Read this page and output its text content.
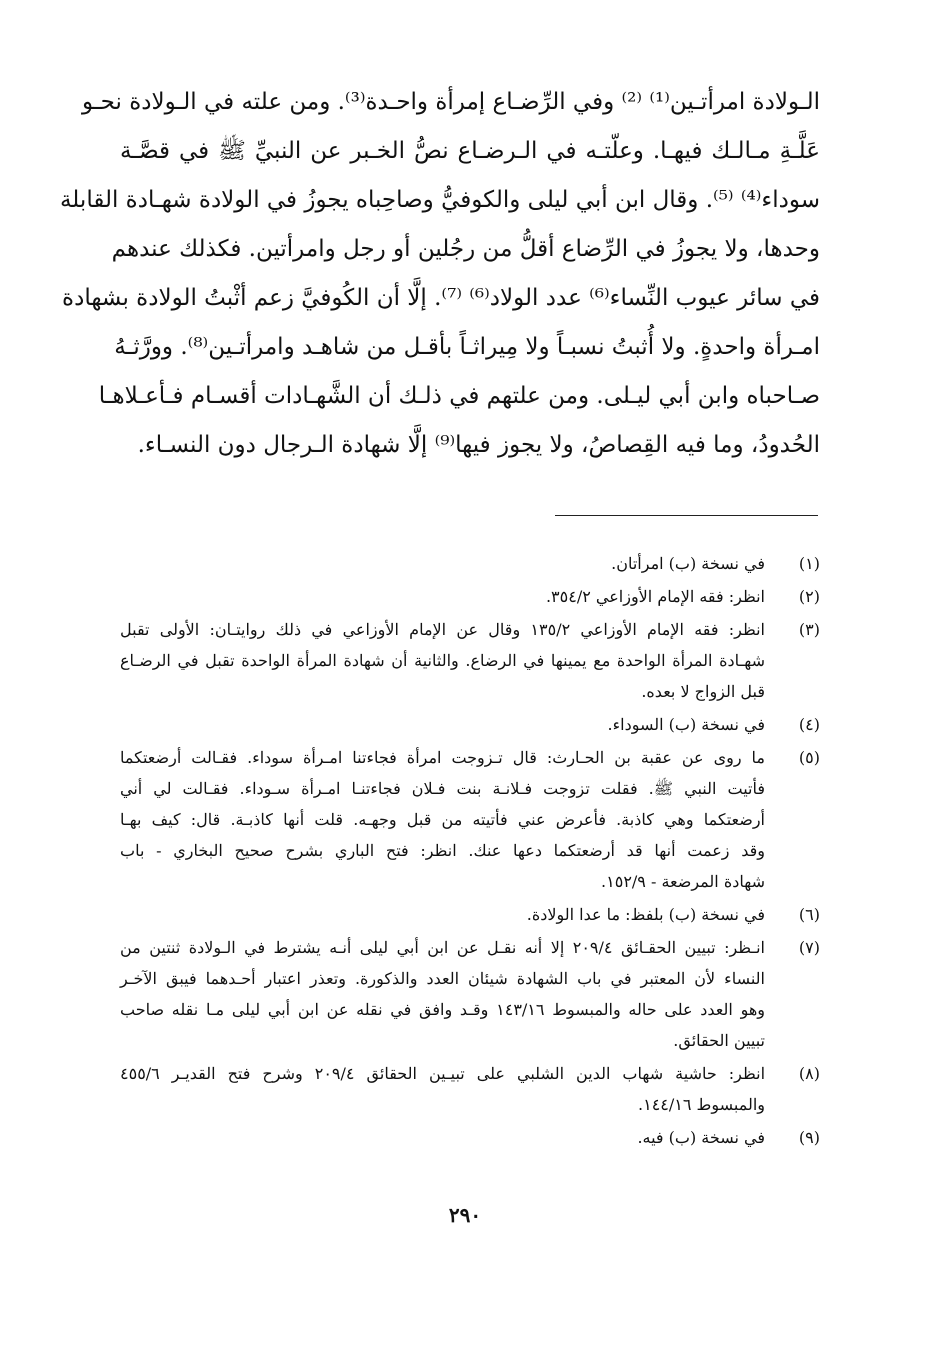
الـولادة امرأتـين⁽¹⁾ ⁽²⁾ وفي الرِّضـاع إمرأة واحـدة⁽³⁾. ومن علته في الـولادة نحـو
عَلَّـةِ مـالـك فيهـا. وعلّتـه في الـرضـاع نصُّ الخـبر عن النبيِّ ﷺ في قصَّـة
سوداء⁽⁴⁾ ⁽⁵⁾. وقال ابن أبي ليلى والكوفيُّ وصاحِباه يجوزُ في الولادة شهـادة القابلة
وحدها، ولا يجوزُ في الرِّضاع أقلُّ من رجُلين أو رجل وامرأتين. فكذلك عندهم
في سائر عيوب النِّساء⁽⁶⁾ عدد الولاد⁽⁶⁾ ⁽⁷⁾. إلَّا أن الكُوفيَّ زعم أثْبتُ الولادة بشهادة
امـرأة واحدةٍ. ولا أُثبتُ نسبـاً ولا مِيراثـاً بأقـل من شاهـد وامرأتـين⁽⁸⁾. وورَّثـهُ
صـاحباه وابن أبي ليـلى. ومن علتهم في ذلـك أن الشَّهـادات أقسـام فـأعـلاهـا
الحُدودُ، وما فيه القِصاصُ، ولا يجوز فيها⁽⁹⁾ إلَّا شهادة الـرجال دون النسـاء.
(١)
في نسخة (ب) امرأتان.
(٢)
انظر: فقه الإمام الأوزاعي ٣٥٤/٢.
(٣)
انظر: فقه الإمام الأوزاعي ١٣٥/٢ وقال عن الإمام الأوزاعي في ذلك روايتـان: الأولى تقبل
شهـادة المرأة الواحدة مع يمينها في الرضاع. والثانية أن شهادة المرأة الواحدة تقبل في الرضـاع
قبل الزواج لا بعده.
(٤)
في نسخة (ب) السوداء.
(٥)
ما روى عن عقبة بن الحـارث: قال تـزوجت امرأة فجاءتنا امـرأة سوداء. فقـالت أرضعتكما
فأتيت النبي ﷺ. فقلت تزوجت فـلانـة بنت فـلان فجاءتنـا امـرأة سـوداء. فقـالت لي أني
أرضعتكما وهي كاذبة. فأعرض عني فأتيته من قبل وجهـه. قلت أنها كاذبـة. قال: كيف بهـا
وقد زعمت أنها قد أرضعتكما دعها عنك. انظر: فتح الباري بشرح صحيح البخاري - باب
شهادة المرضعة - ١٥٢/٩.
(٦)
في نسخة (ب) بلفظ: ما عدا الولادة.
(٧)
انـظر: تبيين الحقـائق ٢٠٩/٤ إلا أنه نقـل عن ابن أبي ليلى أنـه يشترط في الـولادة ثنتين من
النساء لأن المعتبر في باب الشهادة شيئان العدد والذكورة. وتعذر اعتبار أحـدهما فيبق الآخـر
وهو العدد على حاله والمبسوط ١٤٣/١٦ وقـد وافق في نقله عن ابن أبي ليلى مـا نقله صاحب
تبيين الحقائق.
(٨)
انظر: حاشية شهاب الدين الشلبي على تبيـين الحقائق ٢٠٩/٤ وشرح فتح القديـر ٤٥٥/٦
والمبسوط ١٤٤/١٦.
(٩)
في نسخة (ب) فيه.
٢٩٠
